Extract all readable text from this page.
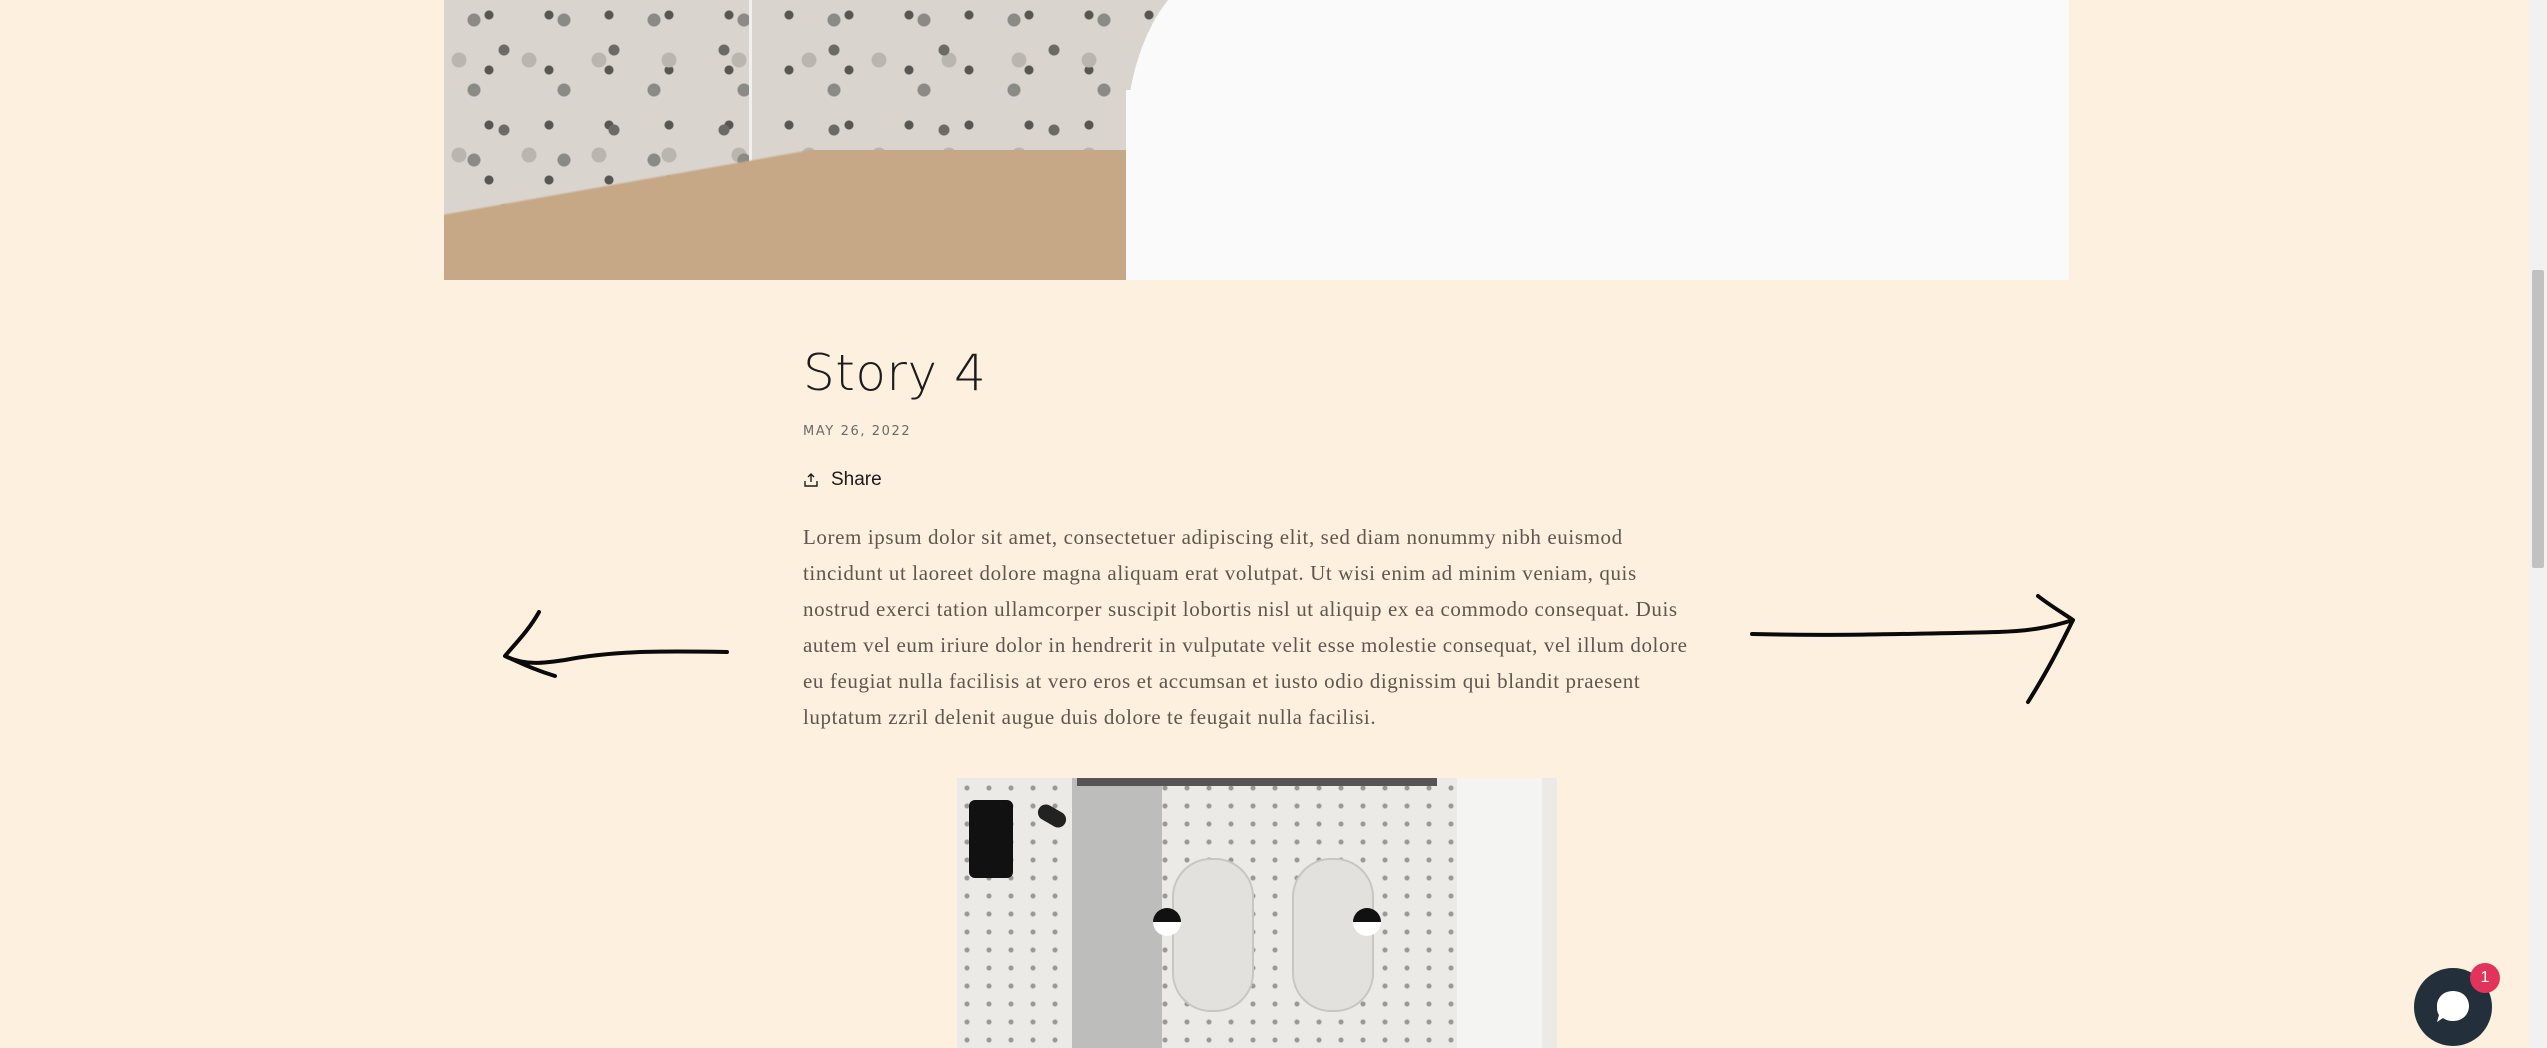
Story 4
MAY 26, 2022
Share

Lorem ipsum dolor sit amet, consectetuer adipiscing elit, sed diam nonummy nibh euismod tincidunt ut laoreet dolore magna aliquam erat volutpat. Ut wisi enim ad minim veniam, quis nostrud exerci tation ullamcorper suscipit lobortis nisl ut aliquip ex ea commodo consequat. Duis autem vel eum iriure dolor in hendrerit in vulputate velit esse molestie consequat, vel illum dolore eu feugiat nulla facilisis at vero eros et accumsan et iusto odio dignissim qui blandit praesent luptatum zzril delenit augue duis dolore te feugait nulla facilisi.

1
